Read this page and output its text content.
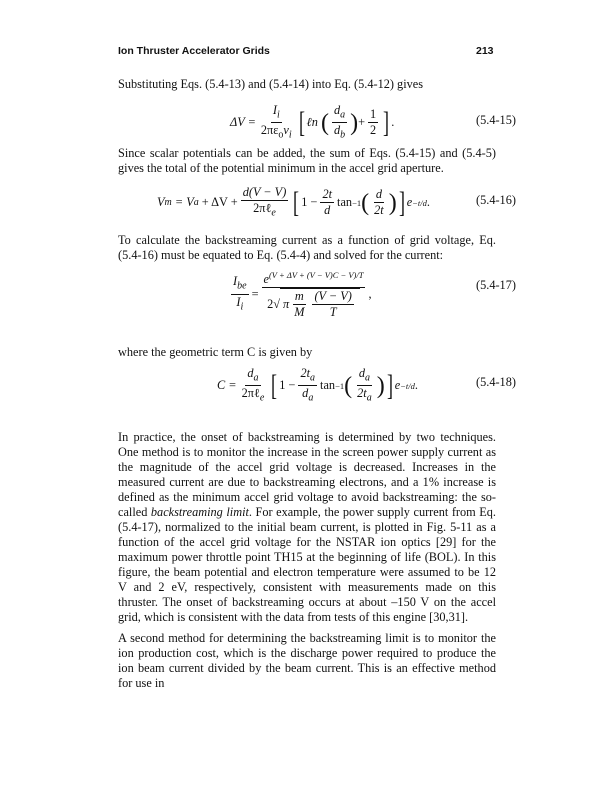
Ion Thruster Accelerator Grids	213
Substituting Eqs. (5.4-13) and (5.4-14) into Eq. (5.4-12) gives
$\Delta V = \frac{I_i}{2\pi\varepsilon_ov_i}$ [ ℓn ( $\frac{d_a}{d_b}$ ) + $\frac{1}{2}$ ] .	(5.4-15)
Since scalar potentials can be added, the sum of Eqs. (5.4-15) and (5.4-5) gives the total of the potential minimum in the accel grid aperture.
V m
= V a
+ $\Delta V + \frac{d(V - V)}{2\pi\ell_e}$ [ $1 - \frac{2t}{d}$ tan −1 ( $\frac{d}{2t}$ ) ] e −t/d .	(5.4-16)
To calculate the backstreaming current as a function of grid voltage, Eq. (5.4-16) must be equated to Eq. (5.4-4) and solved for the current:
$\frac{I_{be}}{I_i} = \frac{e^{(V + \Delta V + (V - V)C - V)/T}}{2 √ \pi \frac{m}{M} \frac{(V - V)}{T}}$ ,
(5.4-17)
where the geometric term C is given by
$C = \frac{d_a}{2\pi\ell_e}$ [ $1 - \frac{2t_a}{d_a}$ tan −1 ( $\frac{d_a}{2t_a}$ ) ] e −t/d .	(5.4-18)
In practice, the onset of backstreaming is determined by two techniques. One method is to monitor the increase in the screen power supply current as the magnitude of the accel grid voltage is decreased. Increases in the measured current are due to backstreaming electrons, and a 1% increase is defined as the minimum accel grid voltage to avoid backstreaming: the so-called backstreaming limit. For example, the power supply current from Eq. (5.4-17), normalized to the initial beam current, is plotted in Fig. 5-11 as a function of the accel grid voltage for the NSTAR ion optics [29] for the maximum power throttle point TH15 at the beginning of life (BOL). In this figure, the beam potential and electron temperature were assumed to be 12 V and 2 eV, respectively, consistent with measurements made on this thruster. The onset of backstreaming occurs at about –150 V on the accel grid, which is consistent with the data from tests of this engine [30,31].
A second method for determining the backstreaming limit is to monitor the ion production cost, which is the discharge power required to produce the ion beam current divided by the beam current. This is an effective method for use in
